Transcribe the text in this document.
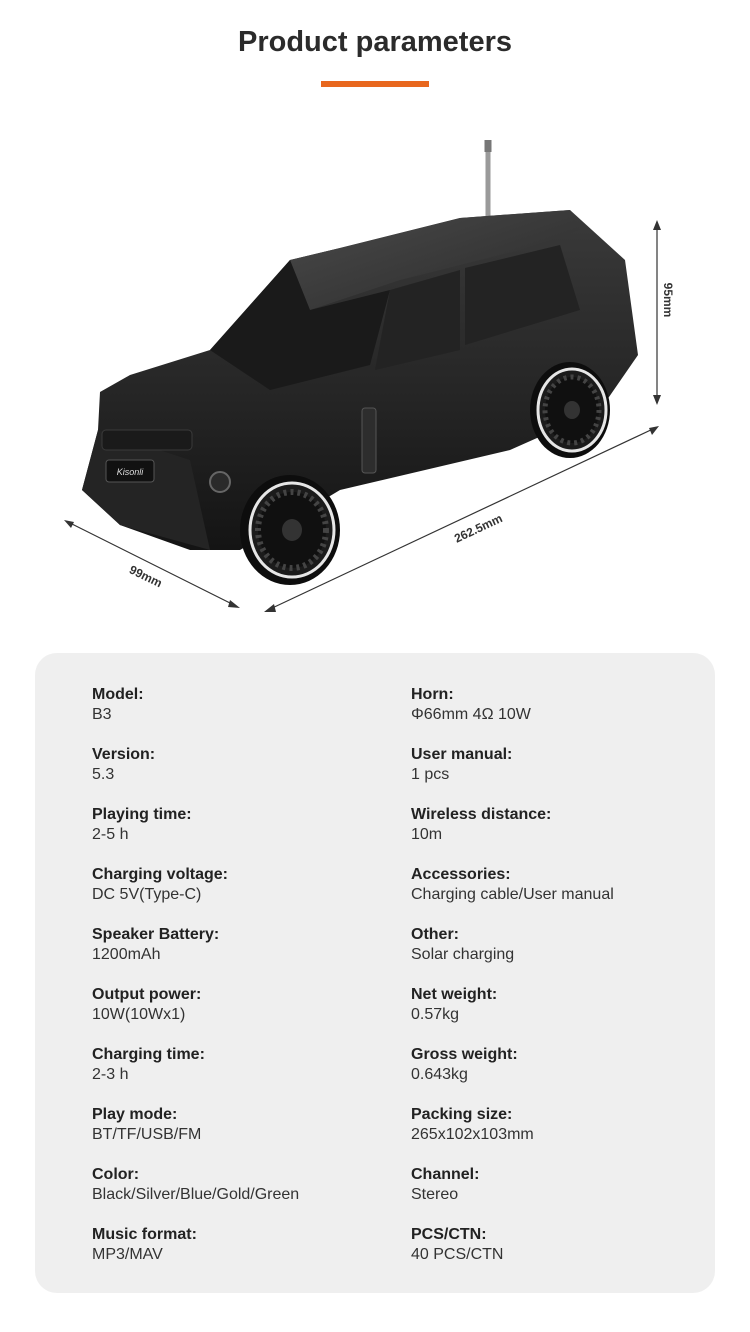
Product parameters
Kisonli
95mm
262.5mm
99mm
Model:
B3
Version:
5.3
Playing time:
2-5 h
Charging voltage:
DC 5V(Type-C)
Speaker Battery:
1200mAh
Output power:
10W(10Wx1)
Charging time:
2-3 h
Play mode:
BT/TF/USB/FM
Color:
Black/Silver/Blue/Gold/Green
Music format:
MP3/MAV
Horn:
Φ66mm 4Ω 10W
User manual:
1 pcs
Wireless distance:
10m
Accessories:
Charging cable/User manual
Other:
Solar charging
Net weight:
0.57kg
Gross weight:
0.643kg
Packing size:
265x102x103mm
Channel:
Stereo
PCS/CTN:
40 PCS/CTN
